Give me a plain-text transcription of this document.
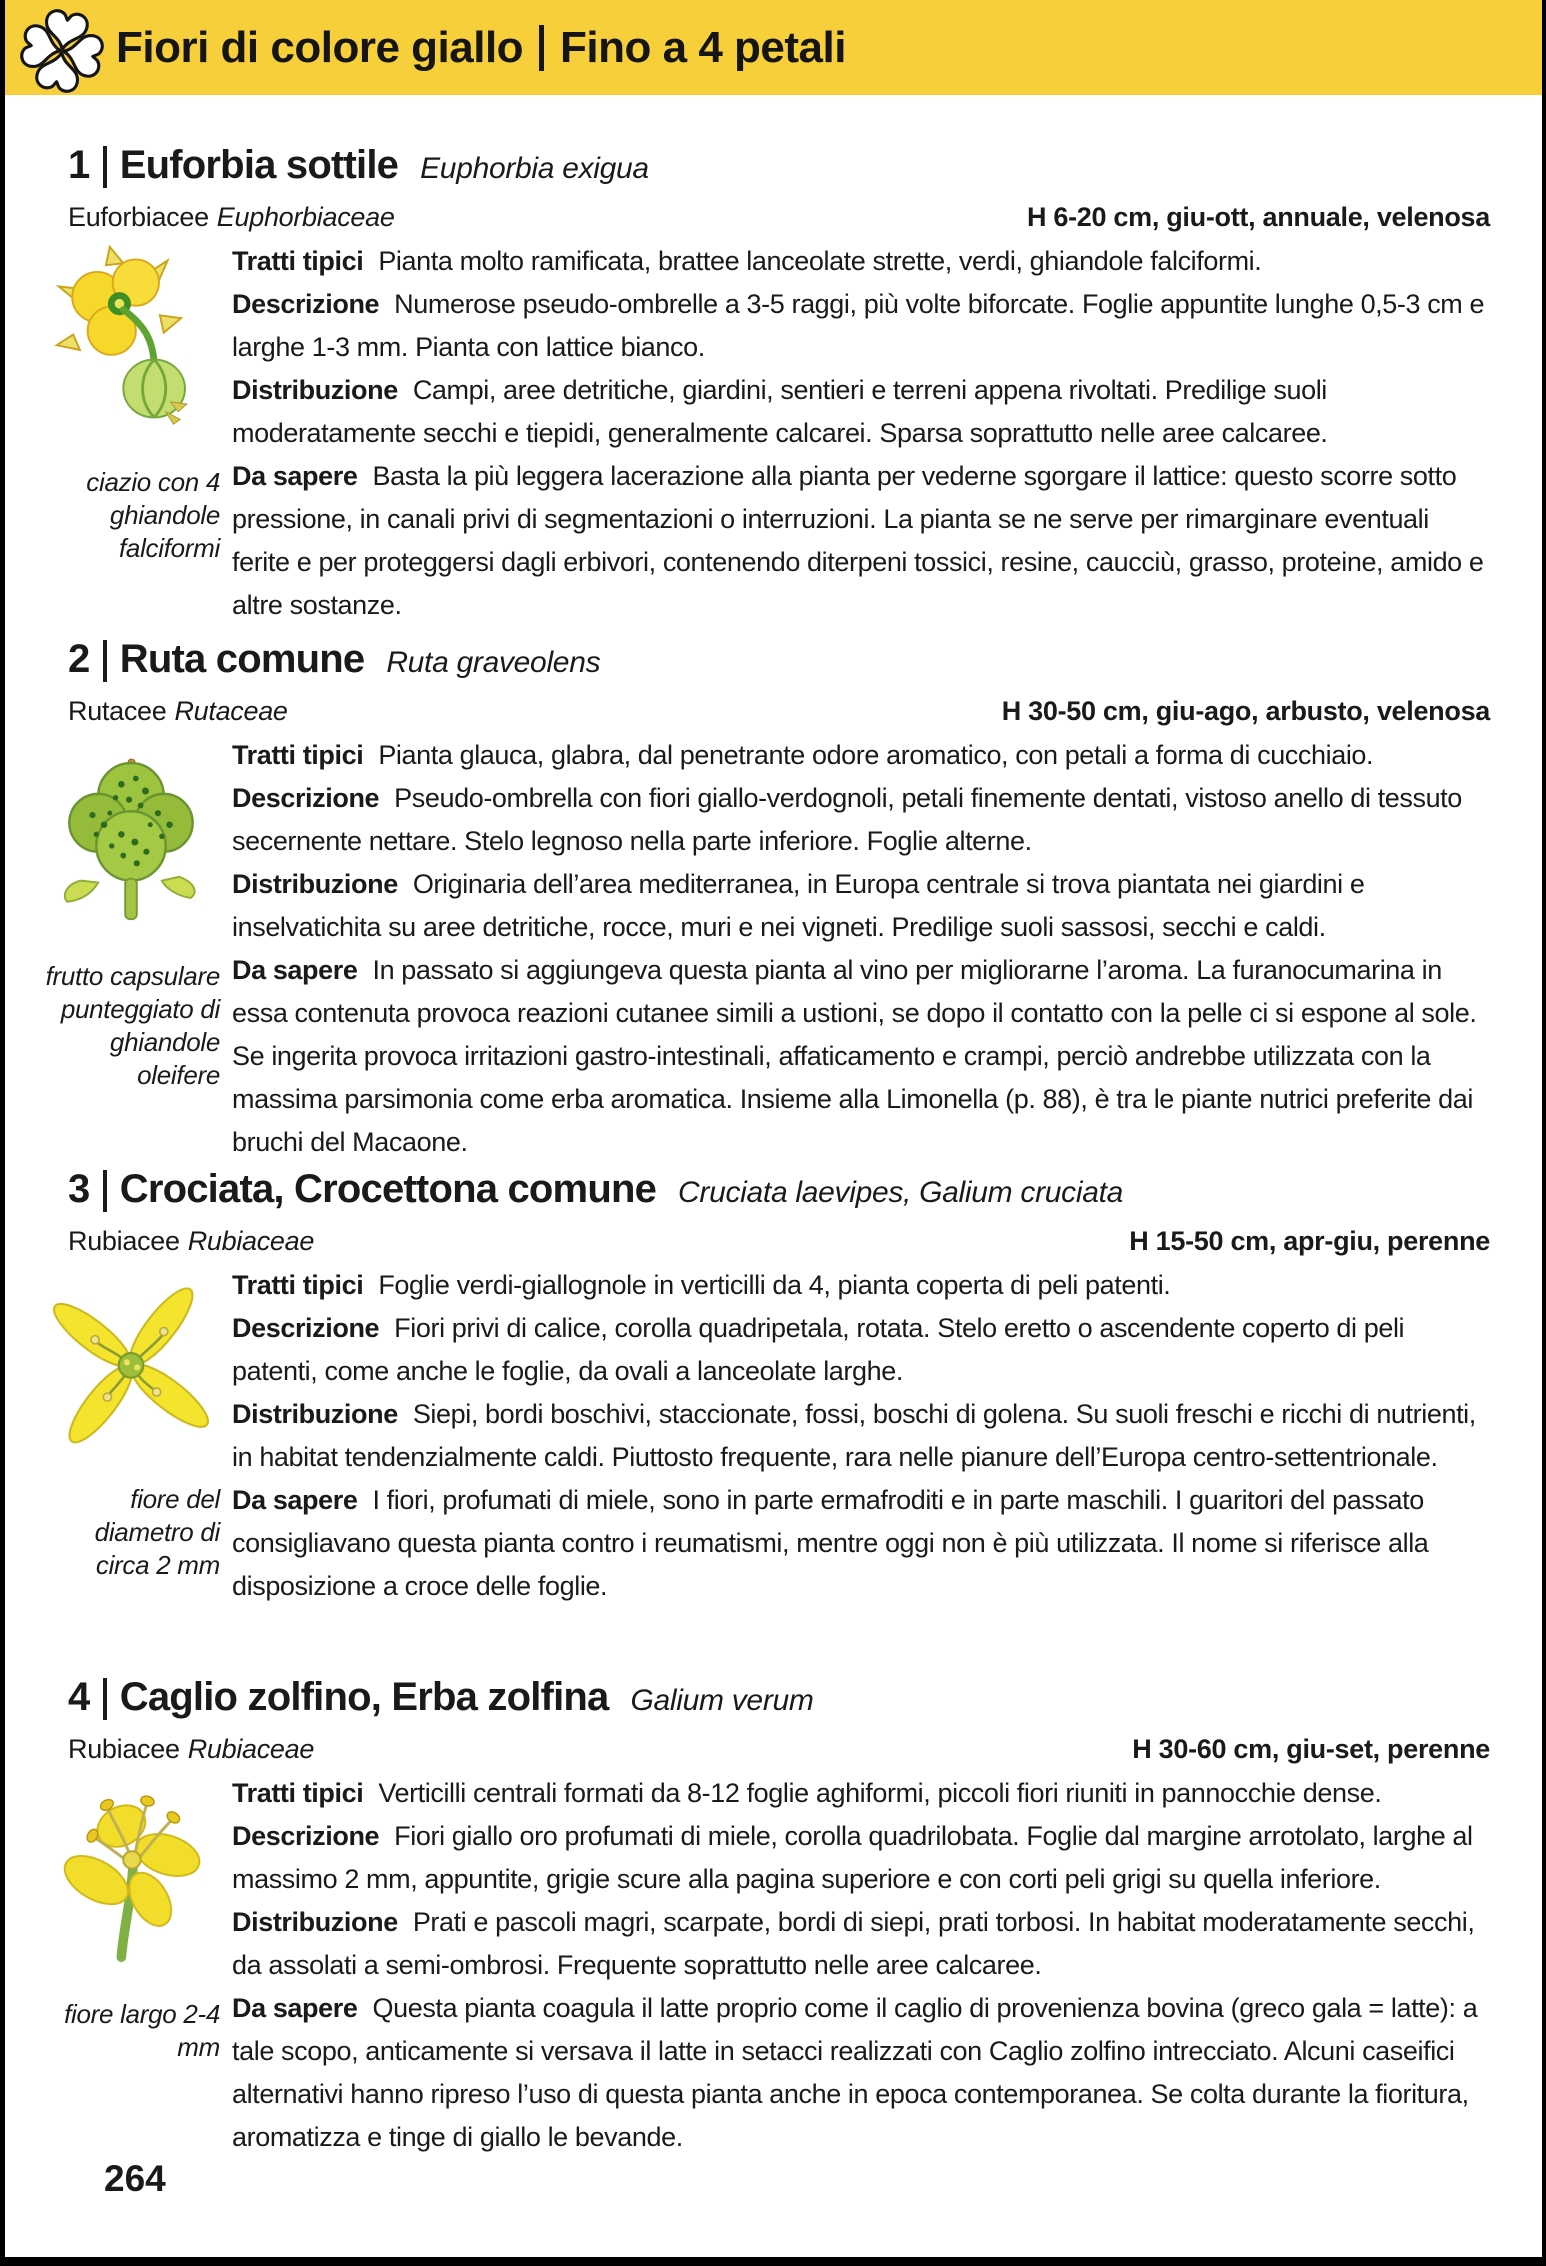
Fiori di colore giallo Fino a 4 petali
1 Euforbia sottile Euphorbia exigua
Euforbiacee Euphorbiaceae	H 6-20 cm, giu-ott, annuale, velenosa
ciazio con 4 ghiandole falciformi

Tratti tipici Pianta molto ramificata, brattee lanceolate strette, verdi, ghiandole falciformi.

Descrizione Numerose pseudo-ombrelle a 3-5 raggi, più volte biforcate. Foglie appuntite lunghe 0,5-3 cm e larghe 1-3 mm. Pianta con lattice bianco.

Distribuzione Campi, aree detritiche, giardini, sentieri e terreni appena rivoltati. Predilige suoli moderatamente secchi e tiepidi, generalmente calcarei. Sparsa soprattutto nelle aree calcaree.

Da sapere Basta la più leggera lacerazione alla pianta per vederne sgorgare il lattice: questo scorre sotto pressione, in canali privi di segmentazioni o interruzioni. La pianta se ne serve per rimarginare eventuali ferite e per proteggersi dagli erbivori, contenendo diterpeni tossici, resine, caucciù, grasso, proteine, amido e altre sostanze.

2 Ruta comune Ruta graveolens
Rutacee Rutaceae	H 30-50 cm, giu-ago, arbusto, velenosa
frutto capsulare punteggiato di ghiandole oleifere

Tratti tipici Pianta glauca, glabra, dal penetrante odore aromatico, con petali a forma di cucchiaio.

Descrizione Pseudo-ombrella con fiori giallo-verdognoli, petali finemente dentati, vistoso anello di tessuto secernente nettare. Stelo legnoso nella parte inferiore. Foglie alterne.

Distribuzione Originaria dell’area mediterranea, in Europa centrale si trova piantata nei giardini e inselvatichita su aree detritiche, rocce, muri e nei vigneti. Predilige suoli sassosi, secchi e caldi.

Da sapere In passato si aggiungeva questa pianta al vino per migliorarne l’aroma. La furanocumarina in essa contenuta provoca reazioni cutanee simili a ustioni, se dopo il contatto con la pelle ci si espone al sole. Se ingerita provoca irritazioni gastro-intestinali, affaticamento e crampi, perciò andrebbe utilizzata con la massima parsimonia come erba aromatica. Insieme alla Limonella (p. 88), è tra le piante nutrici preferite dai bruchi del Macaone.

3 Crociata, Crocettona comune Cruciata laevipes, Galium cruciata
Rubiacee Rubiaceae	H 15-50 cm, apr-giu, perenne
fiore del diametro di circa 2 mm

Tratti tipici Foglie verdi-giallognole in verticilli da 4, pianta coperta di peli patenti.

Descrizione Fiori privi di calice, corolla quadripetala, rotata. Stelo eretto o ascendente coperto di peli patenti, come anche le foglie, da ovali a lanceolate larghe.

Distribuzione Siepi, bordi boschivi, staccionate, fossi, boschi di golena. Su suoli freschi e ricchi di nutrienti, in habitat tendenzialmente caldi. Piuttosto frequente, rara nelle pianure dell’Europa centro-settentrionale.

Da sapere I fiori, profumati di miele, sono in parte ermafroditi e in parte maschili. I guaritori del passato consigliavano questa pianta contro i reumatismi, mentre oggi non è più utilizzata. Il nome si riferisce alla disposizione a croce delle foglie.

4 Caglio zolfino, Erba zolfina Galium verum
Rubiacee Rubiaceae	H 30-60 cm, giu-set, perenne
fiore largo 2-4 mm

Tratti tipici Verticilli centrali formati da 8-12 foglie aghiformi, piccoli fiori riuniti in pannocchie dense.

Descrizione Fiori giallo oro profumati di miele, corolla quadrilobata. Foglie dal margine arrotolato, larghe al massimo 2 mm, appuntite, grigie scure alla pagina superiore e con corti peli grigi su quella inferiore.

Distribuzione Prati e pascoli magri, scarpate, bordi di siepi, prati torbosi. In habitat moderatamente secchi, da assolati a semi-ombrosi. Frequente soprattutto nelle aree calcaree.

Da sapere Questa pianta coagula il latte proprio come il caglio di provenienza bovina (greco gala = latte): a tale scopo, anticamente si versava il latte in setacci realizzati con Caglio zolfino intrecciato. Alcuni caseifici alternativi hanno ripreso l’uso di questa pianta anche in epoca contemporanea. Se colta durante la fioritura, aromatizza e tinge di giallo le bevande.

264
